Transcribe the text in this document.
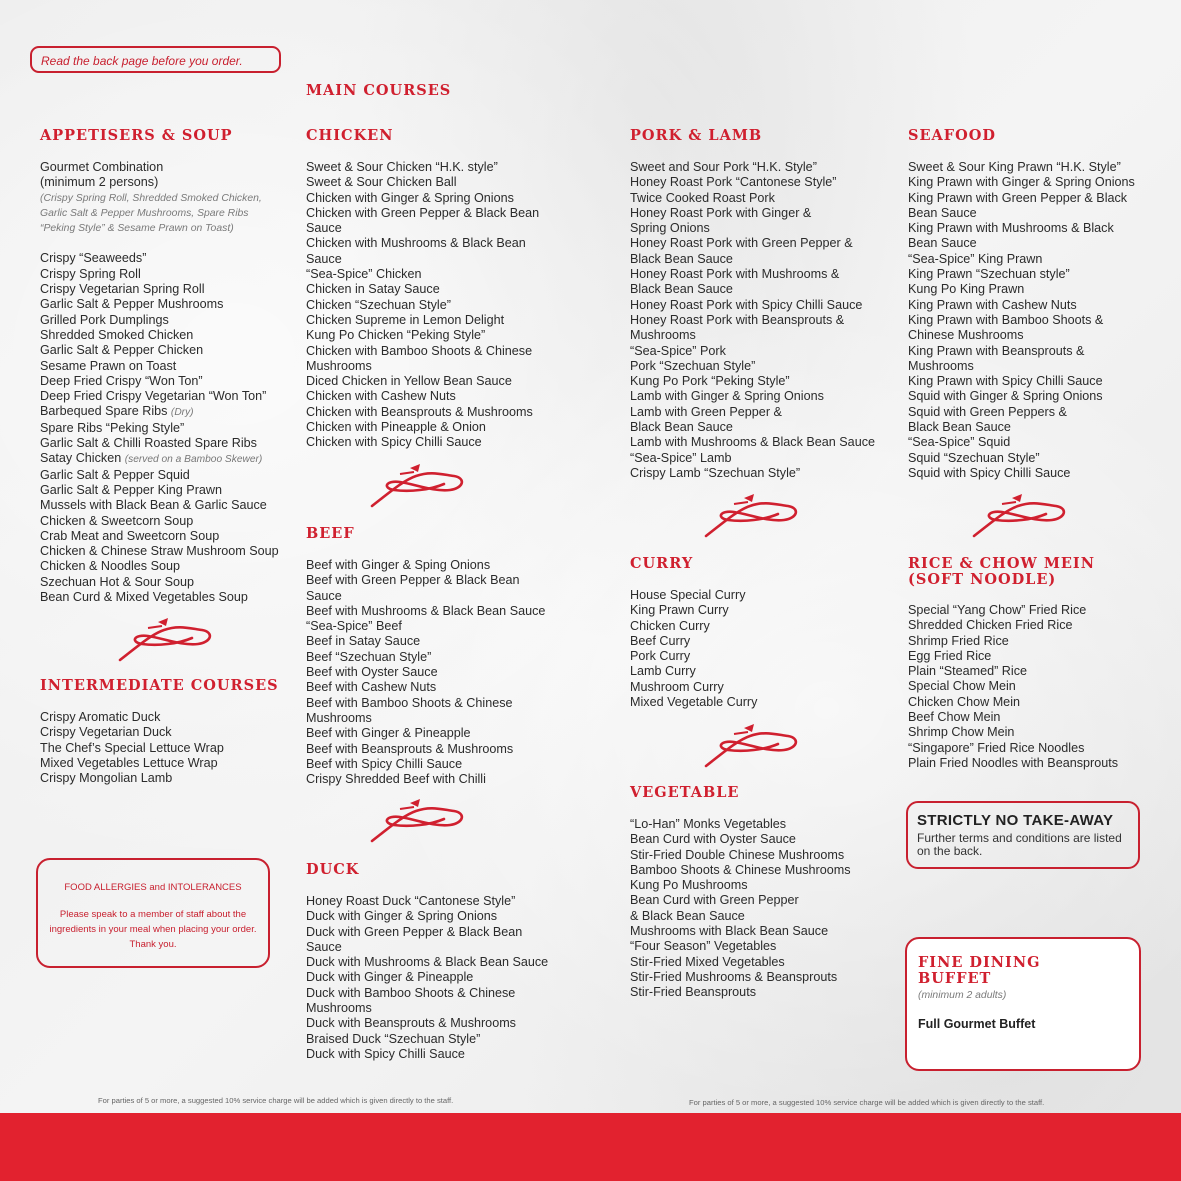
Read the back page before you order.
MAIN COURSES
APPETISERS & SOUP
Gourmet Combination
(minimum 2 persons)
(Crispy Spring Roll, Shredded Smoked Chicken,
Garlic Salt & Pepper Mushrooms, Spare Ribs
“Peking Style” & Sesame Prawn on Toast)
Crispy “Seaweeds”
Crispy Spring Roll
Crispy Vegetarian Spring Roll
Garlic Salt & Pepper Mushrooms
Grilled Pork Dumplings
Shredded Smoked Chicken
Garlic Salt & Pepper Chicken
Sesame Prawn on Toast
Deep Fried Crispy “Won Ton”
Deep Fried Crispy Vegetarian “Won Ton”
Barbequed Spare Ribs (Dry)
Spare Ribs “Peking Style”
Garlic Salt & Chilli Roasted Spare Ribs
Satay Chicken (served on a Bamboo Skewer)
Garlic Salt & Pepper Squid
Garlic Salt & Pepper King Prawn
Mussels with Black Bean & Garlic Sauce
Chicken & Sweetcorn Soup
Crab Meat and Sweetcorn Soup
Chicken & Chinese Straw Mushroom Soup
Chicken & Noodles Soup
Szechuan Hot & Sour Soup
Bean Curd & Mixed Vegetables Soup
INTERMEDIATE COURSES
Crispy Aromatic Duck
Crispy Vegetarian Duck
The Chef’s Special Lettuce Wrap
Mixed Vegetables Lettuce Wrap
Crispy Mongolian Lamb

FOOD ALLERGIES and INTOLERANCES

Please speak to a member of staff about the

ingredients in your meal when placing your order.

Thank you.

CHICKEN
Sweet & Sour Chicken “H.K. style”
Sweet & Sour Chicken Ball
Chicken with Ginger & Spring Onions
Chicken with Green Pepper & Black Bean
Sauce
Chicken with Mushrooms & Black Bean
Sauce
“Sea-Spice” Chicken
Chicken in Satay Sauce
Chicken “Szechuan Style”
Chicken Supreme in Lemon Delight
Kung Po Chicken “Peking Style”
Chicken with Bamboo Shoots & Chinese
Mushrooms
Diced Chicken in Yellow Bean Sauce
Chicken with Cashew Nuts
Chicken with Beansprouts & Mushrooms
Chicken with Pineapple & Onion
Chicken with Spicy Chilli Sauce
BEEF
Beef with Ginger & Sping Onions
Beef with Green Pepper & Black Bean
Sauce
Beef with Mushrooms & Black Bean Sauce
“Sea-Spice” Beef
Beef in Satay Sauce
Beef “Szechuan Style”
Beef with Oyster Sauce
Beef with Cashew Nuts
Beef with Bamboo Shoots & Chinese
Mushrooms
Beef with Ginger & Pineapple
Beef with Beansprouts & Mushrooms
Beef with Spicy Chilli Sauce
Crispy Shredded Beef with Chilli
DUCK
Honey Roast Duck “Cantonese Style”
Duck with Ginger & Spring Onions
Duck with Green Pepper & Black Bean
Sauce
Duck with Mushrooms & Black Bean Sauce
Duck with Ginger & Pineapple
Duck with Bamboo Shoots & Chinese
Mushrooms
Duck with Beansprouts & Mushrooms
Braised Duck “Szechuan Style”
Duck with Spicy Chilli Sauce
PORK & LAMB
Sweet and Sour Pork “H.K. Style”
Honey Roast Pork “Cantonese Style”
Twice Cooked Roast Pork
Honey Roast Pork with Ginger &
Spring Onions
Honey Roast Pork with Green Pepper &
Black Bean Sauce
Honey Roast Pork with Mushrooms &
Black Bean Sauce
Honey Roast Pork with Spicy Chilli Sauce
Honey Roast Pork with Beansprouts &
Mushrooms
“Sea-Spice” Pork
Pork “Szechuan Style”
Kung Po Pork “Peking Style”
Lamb with Ginger & Spring Onions
Lamb with Green Pepper &
Black Bean Sauce
Lamb with Mushrooms & Black Bean Sauce
“Sea-Spice” Lamb
Crispy Lamb “Szechuan Style”
CURRY
House Special Curry
King Prawn Curry
Chicken Curry
Beef Curry
Pork Curry
Lamb Curry
Mushroom Curry
Mixed Vegetable Curry
VEGETABLE
“Lo-Han” Monks Vegetables
Bean Curd with Oyster Sauce
Stir-Fried Double Chinese Mushrooms
Bamboo Shoots & Chinese Mushrooms
Kung Po Mushrooms
Bean Curd with Green Pepper
& Black Bean Sauce
Mushrooms with Black Bean Sauce
“Four Season” Vegetables
Stir-Fried Mixed Vegetables
Stir-Fried Mushrooms & Beansprouts
Stir-Fried Beansprouts
SEAFOOD
Sweet & Sour King Prawn “H.K. Style”
King Prawn with Ginger & Spring Onions
King Prawn with Green Pepper & Black
Bean Sauce
King Prawn with Mushrooms & Black
Bean Sauce
“Sea-Spice” King Prawn
King Prawn “Szechuan style”
Kung Po King Prawn
King Prawn with Cashew Nuts
King Prawn with Bamboo Shoots &
Chinese Mushrooms
King Prawn with Beansprouts &
Mushrooms
King Prawn with Spicy Chilli Sauce
Squid with Ginger & Spring Onions
Squid with Green Peppers &
Black Bean Sauce
“Sea-Spice” Squid
Squid “Szechuan Style”
Squid with Spicy Chilli Sauce
RICE & CHOW MEIN
(SOFT NOODLE)
Special “Yang Chow” Fried Rice
Shredded Chicken Fried Rice
Shrimp Fried Rice
Egg Fried Rice
Plain “Steamed” Rice
Special Chow Mein
Chicken Chow Mein
Beef Chow Mein
Shrimp Chow Mein
“Singapore” Fried Rice Noodles
Plain Fried Noodles with Beansprouts
STRICTLY NO TAKE-AWAY
Further terms and conditions are listed
on the back.
FINE DINING
BUFFET
(minimum 2 adults)
Full Gourmet Buffet
For parties of 5 or more, a suggested 10% service charge will be added which is given directly to the staff.	For parties of 5 or more, a suggested 10% service charge will be added which is given directly to the staff.
